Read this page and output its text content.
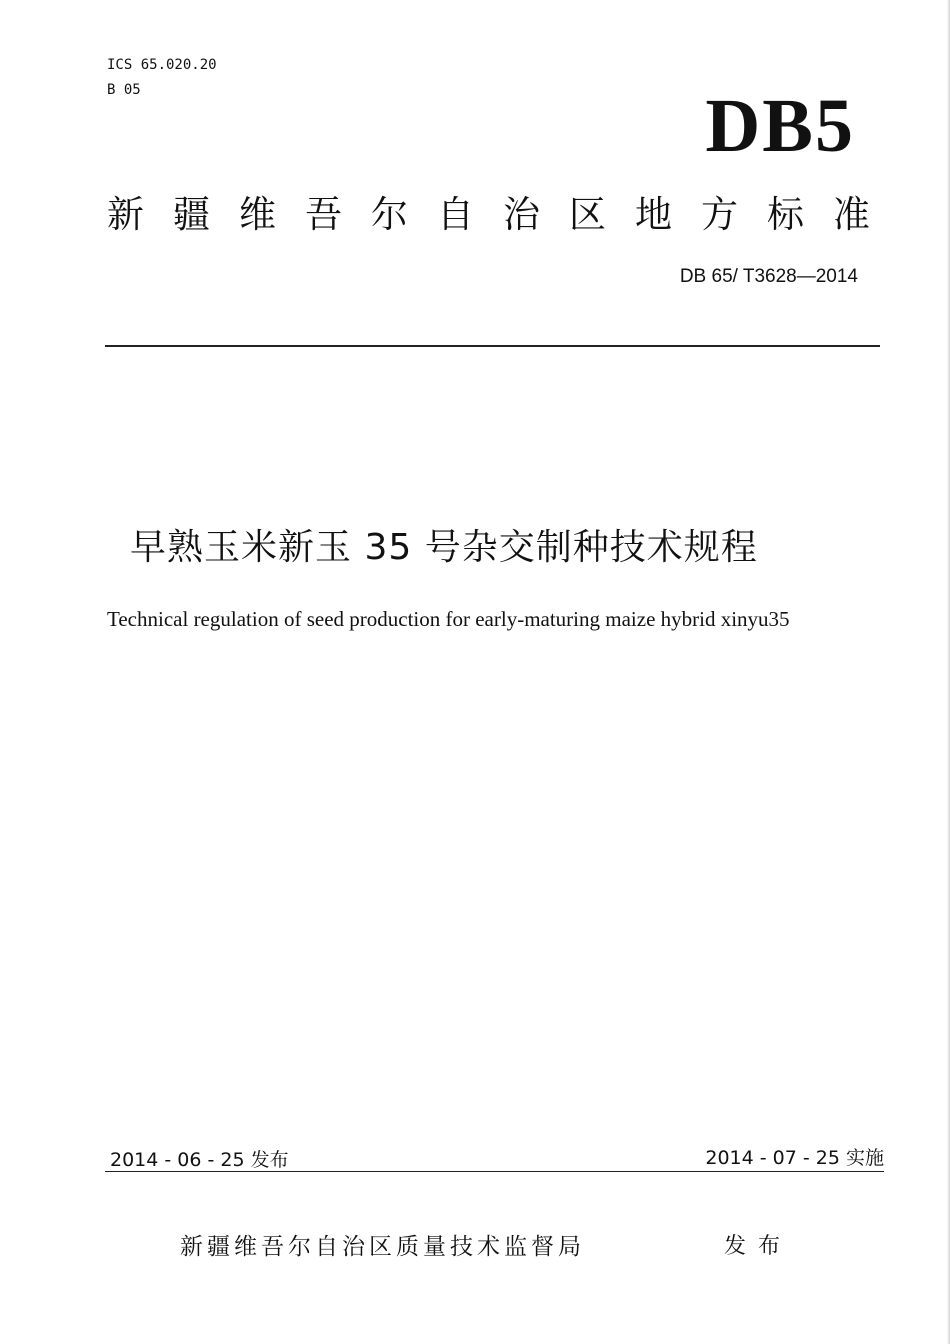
ICS 65.020.20
B 05	DB5
新疆维吾尔自治区地方标准
DB 65/ T3628—2014
早熟玉米新玉 35 号杂交制种技术规程
Technical regulation of seed production for early-maturing maize hybrid xinyu35
2014 - 06 - 25 发布	2014 - 07 - 25 实施
新疆维吾尔自治区质量技术监督局	发布
